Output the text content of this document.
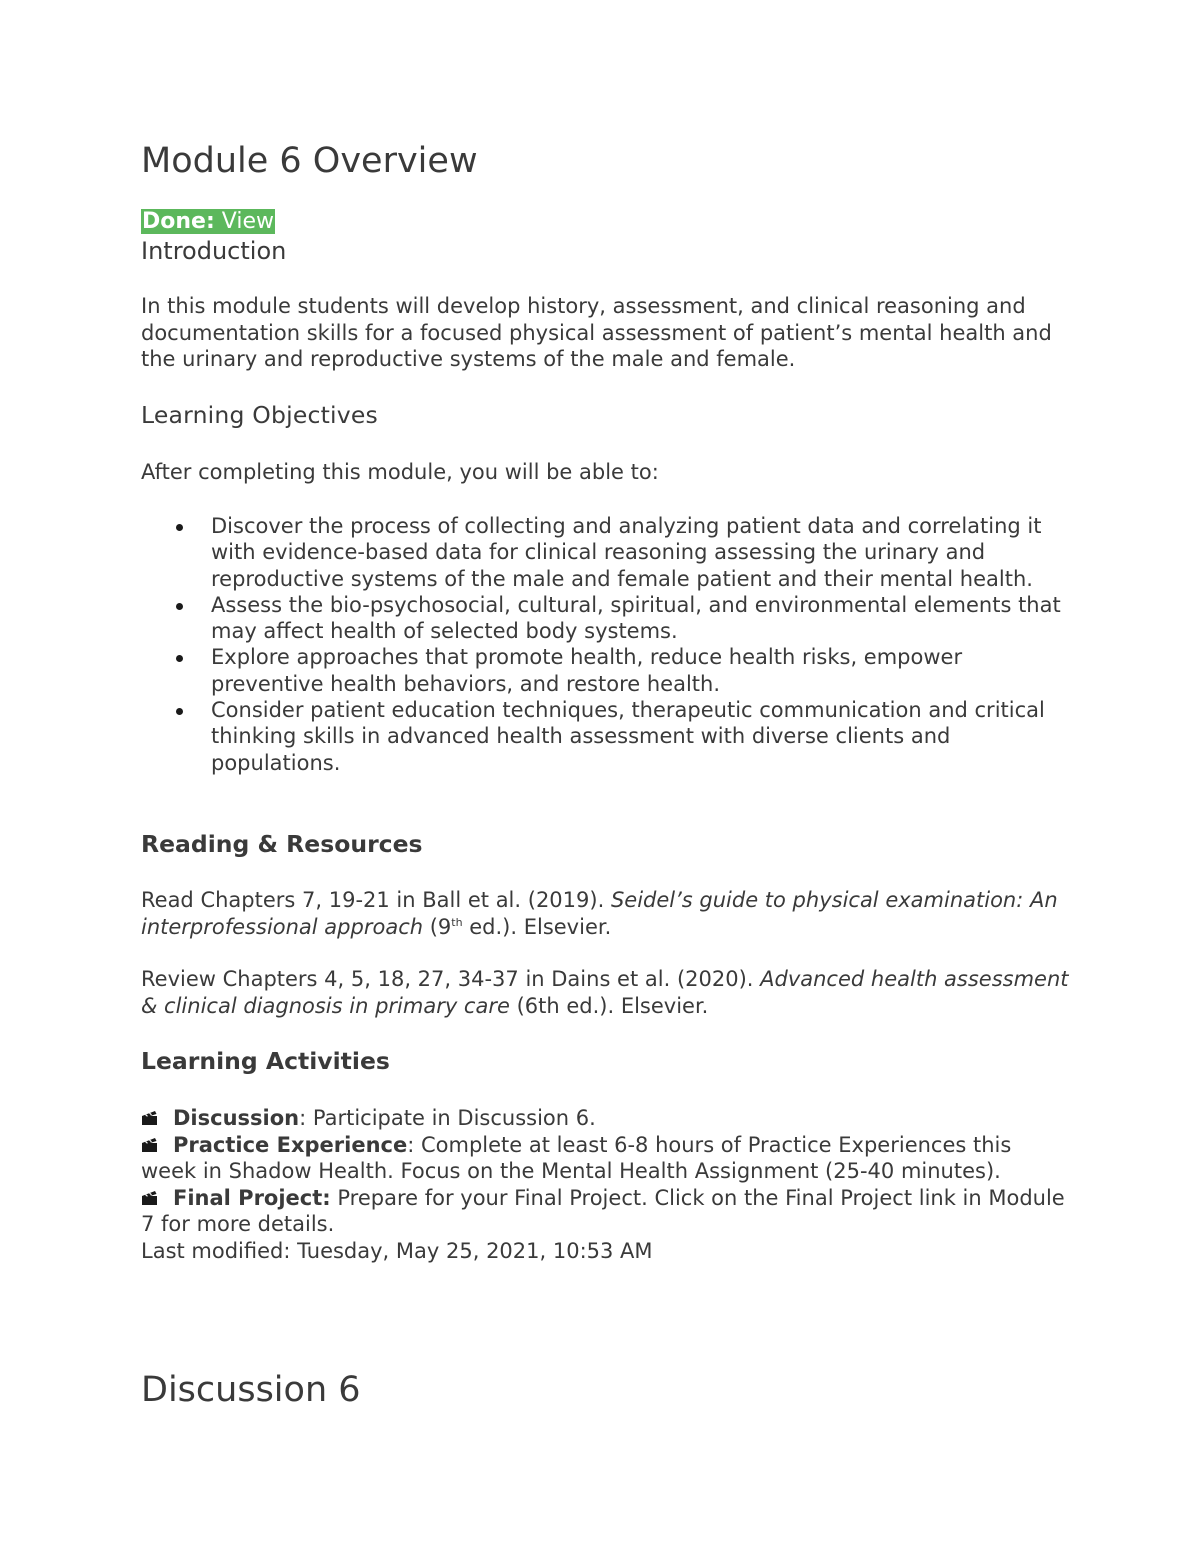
Module 6 Overview
Done: View
Introduction

In this module students will develop history, assessment, and clinical reasoning and documentation skills for a focused physical assessment of patient’s mental health and the urinary and reproductive systems of the male and female.

Learning Objectives

After completing this module, you will be able to:

Discover the process of collecting and analyzing patient data and correlating it with evidence-based data for clinical reasoning assessing the urinary and reproductive systems of the male and female patient and their mental health.
Assess the bio-psychosocial, cultural, spiritual, and environmental elements that may affect health of selected body systems.
Explore approaches that promote health, reduce health risks, empower preventive health behaviors, and restore health.
Consider patient education techniques, therapeutic communication and critical thinking skills in advanced health assessment with diverse clients and populations.
Reading & Resources

Read Chapters 7, 19-21 in Ball et al. (2019). Seidel’s guide to physical examination: An interprofessional approach (9th ed.). Elsevier.

Review Chapters 4, 5, 18, 27, 34-37 in Dains et al. (2020). Advanced health assessment & clinical diagnosis in primary care (6th ed.). Elsevier.

Learning Activities
Discussion: Participate in Discussion 6.
Practice Experience: Complete at least 6-8 hours of Practice Experiences this week in Shadow Health. Focus on the Mental Health Assignment (25-40 minutes).
Final Project: Prepare for your Final Project. Click on the Final Project link in Module 7 for more details.
Last modified: Tuesday, May 25, 2021, 10:53 AM
Discussion 6
